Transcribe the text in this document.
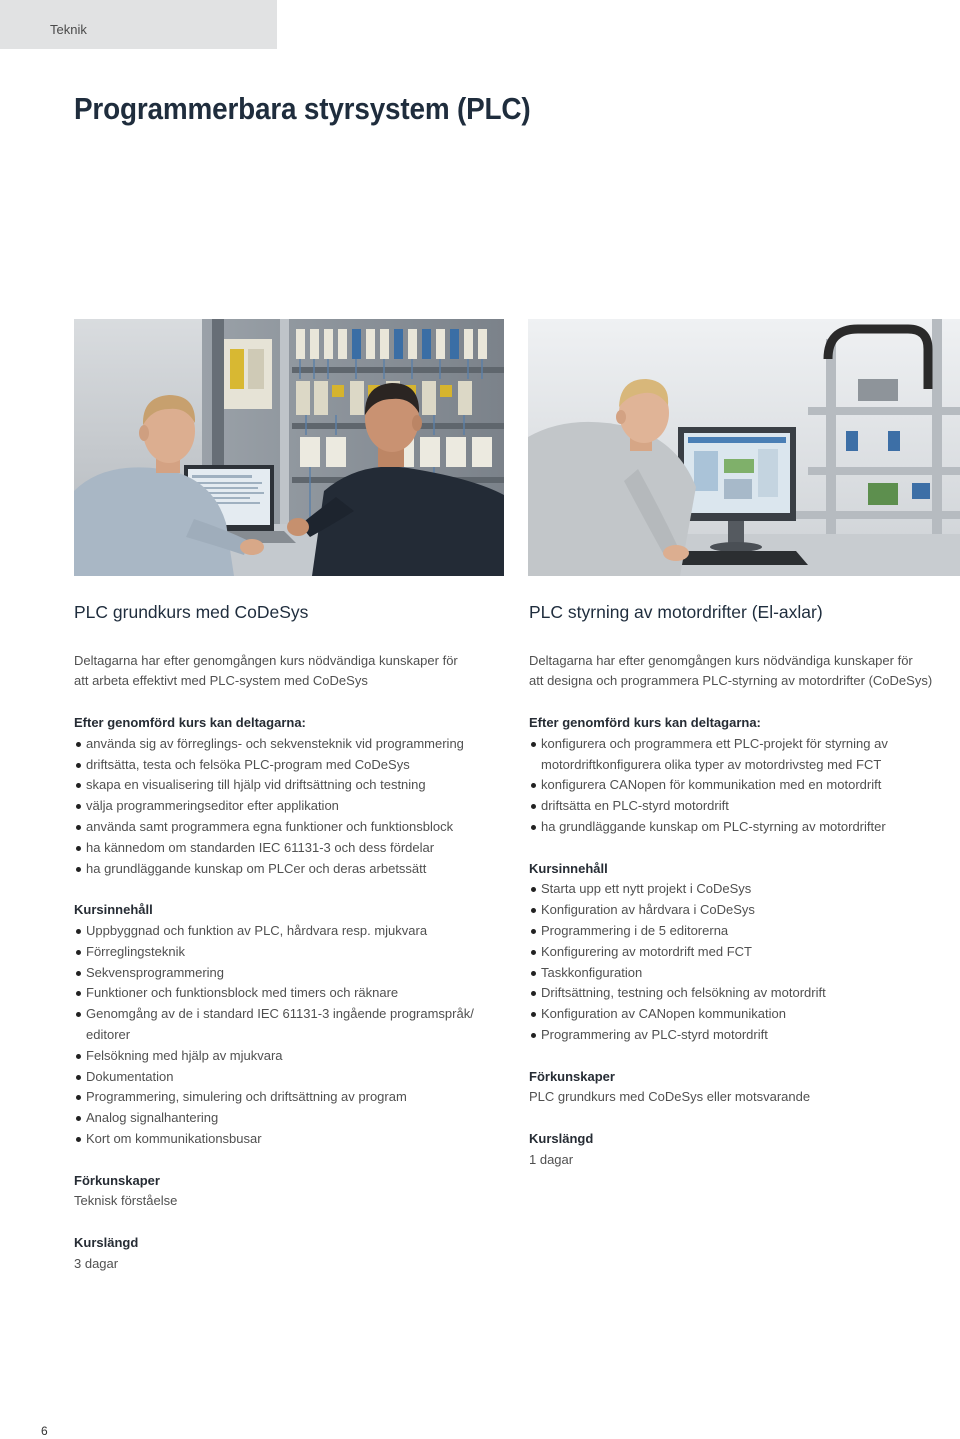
Teknik
Programmerbara styrsystem (PLC)
PLC grundkurs med CoDeSys
Deltagarna har efter genomgången kurs nödvändiga kunskaper för
att arbeta effektivt med PLC-system med CoDeSys
Efter genomförd kurs kan deltagarna:
använda sig av förreglings- och sekvensteknik vid programmering
driftsätta, testa och felsöka PLC-program med CoDeSys
skapa en visualisering till hjälp vid driftsättning och testning
välja programmeringseditor efter applikation
använda samt programmera egna funktioner och funktionsblock
ha kännedom om standarden IEC 61131-3 och dess fördelar
ha grundläggande kunskap om PLCer och deras arbetssätt
Kursinnehåll
Uppbyggnad och funktion av PLC, hårdvara resp. mjukvara
Förreglingsteknik
Sekvensprogrammering
Funktioner och funktionsblock med timers och räknare
Genomgång av de i standard IEC 61131-3 ingående programspråk/ editorer
Felsökning med hjälp av mjukvara
Dokumentation
Programmering, simulering och driftsättning av program
Analog signalhantering
Kort om kommunikationsbusar
Förkunskaper
Teknisk förståelse
Kurslängd
3 dagar
PLC styrning av motordrifter (El-axlar)
Deltagarna har efter genomgången kurs nödvändiga kunskaper för
att designa och programmera PLC-styrning av motordrifter (CoDeSys)
Efter genomförd kurs kan deltagarna:
konfigurera och programmera ett PLC-projekt för styrning av motordriftkonfigurera olika typer av motordrivsteg med FCT
konfigurera CANopen för kommunikation med en motordrift
driftsätta en PLC-styrd motordrift
ha grundläggande kunskap om PLC-styrning av motordrifter
Kursinnehåll
Starta upp ett nytt projekt i CoDeSys
Konfiguration av hårdvara i CoDeSys
Programmering i de 5 editorerna
Konfigurering av motordrift med FCT
Taskkonfiguration
Driftsättning, testning och felsökning av motordrift
Konfiguration av CANopen kommunikation
Programmering av PLC-styrd motordrift
Förkunskaper
PLC grundkurs med CoDeSys eller motsvarande
Kurslängd
1 dagar
6
